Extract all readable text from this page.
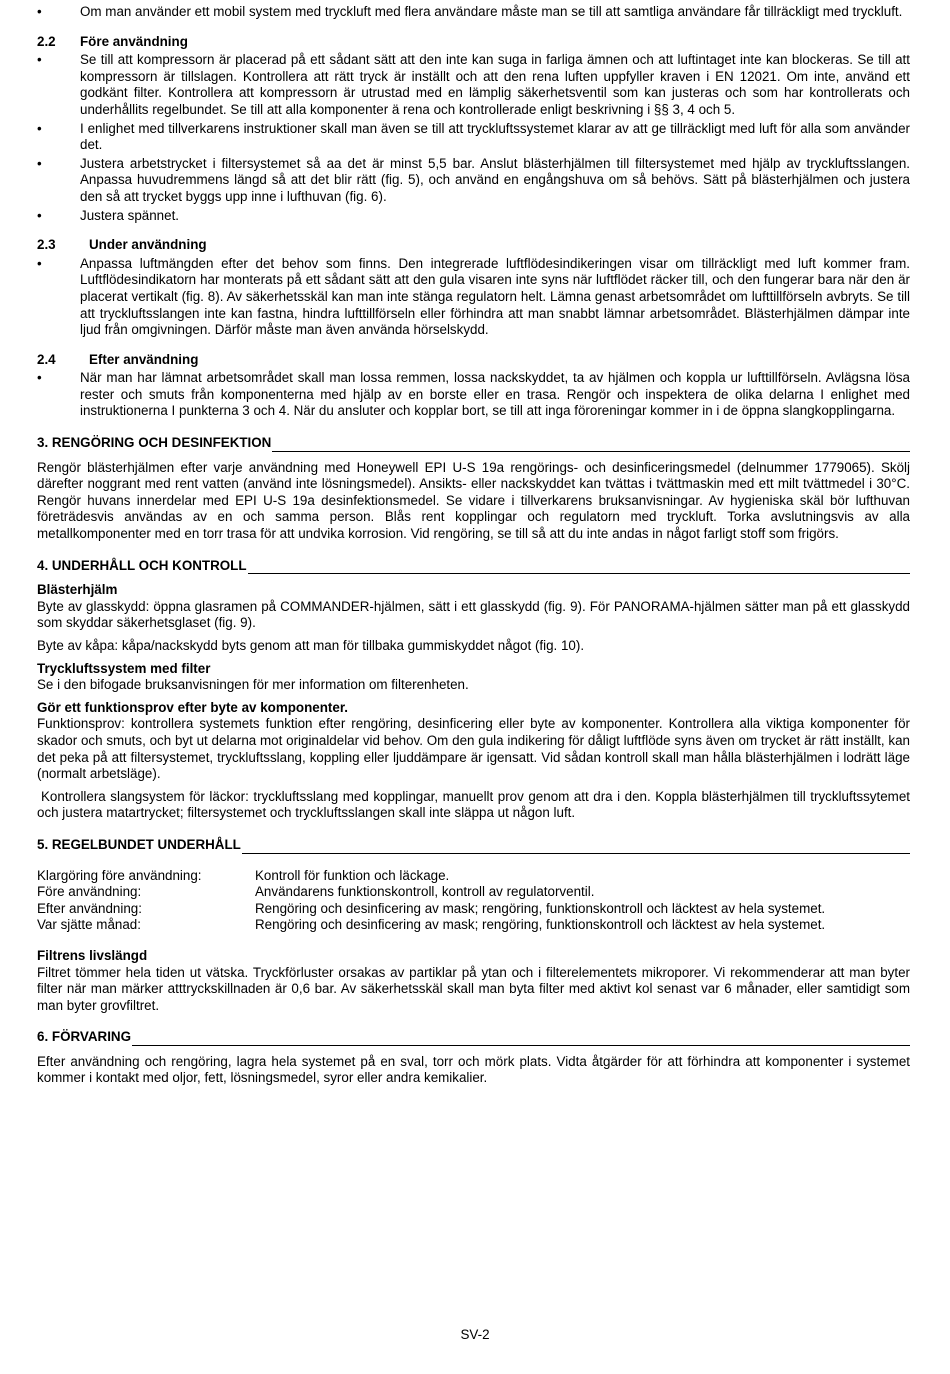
• Om man använder ett mobil system med tryckluft med flera användare måste man se till att samtliga användare får tillräckligt med tryckluft.
2.2	Före användning
• Se till att kompressorn är placerad på ett sådant sätt att den inte kan suga in farliga ämnen och att luftintaget inte kan blockeras. Se till att kompressorn är tillslagen. Kontrollera att rätt tryck är inställt och att den rena luften uppfyller kraven i EN 12021. Om inte, använd ett godkänt filter. Kontrollera att kompressorn är utrustad med en lämplig säkerhetsventil som kan justeras och som har kontrollerats och underhållits regelbundet. Se till att alla komponenter ä rena och kontrollerade enligt beskrivning i §§ 3, 4 och 5.
• I enlighet med tillverkarens instruktioner skall man även se till att tryckluftssystemet klarar av att ge tillräckligt med luft för alla som använder det.
• Justera arbetstrycket i filtersystemet så aa det är minst 5,5 bar. Anslut blästerhjälmen till filtersystemet med hjälp av tryckluftsslangen. Anpassa huvudremmens längd så att det blir rätt (fig. 5), och använd en engångshuva om så behövs. Sätt på blästerhjälmen och justera den så att trycket byggs upp inne i lufthuvan (fig. 6).
• Justera spännet.
2.3	Under användning
• Anpassa luftmängden efter det behov som finns. Den integrerade luftflödesindikeringen visar om tillräckligt med luft kommer fram. Luftflödesindikatorn har monterats på ett sådant sätt att den gula visaren inte syns när luftflödet räcker till, och den fungerar bara när den är placerat vertikalt (fig. 8). Av säkerhetsskäl kan man inte stänga regulatorn helt. Lämna genast arbetsområdet om lufttillförseln avbryts. Se till att tryckluftsslangen inte kan fastna, hindra lufttillförseln eller förhindra att man snabbt lämnar arbetsområdet. Blästerhjälmen dämpar inte ljud från omgivningen. Därför måste man även använda hörselskydd.
2.4	Efter användning
• När man har lämnat arbetsområdet skall man lossa remmen, lossa nackskyddet, ta av hjälmen och koppla ur lufttillförseln. Avlägsna lösa rester och smuts från komponenterna med hjälp av en borste eller en trasa. Rengör och inspektera de olika delarna I enlighet med instruktionerna I punkterna 3 och 4. När du ansluter och kopplar bort, se till att inga föroreningar kommer in i de öppna slangkopplingarna.
3. RENGÖRING OCH DESINFEKTION

Rengör blästerhjälmen efter varje användning med Honeywell EPI U-S 19a rengörings- och desinficeringsmedel (delnummer 1779065). Skölj därefter noggrant med rent vatten (använd inte lösningsmedel). Ansikts- eller nackskyddet kan tvättas i tvättmaskin med ett milt tvättmedel i 30°C. Rengör huvans innerdelar med EPI U-S 19a desinfektionsmedel. Se vidare i tillverkarens bruksanvisningar. Av hygieniska skäl bör lufthuvan företrädesvis användas av en och samma person. Blås rent kopplingar och regulatorn med tryckluft. Torka avslutningsvis av alla metallkomponenter med en torr trasa för att undvika korrosion. Vid rengöring, se till så att du inte andas in något farligt stoff som frigörs.

4. UNDERHÅLL OCH KONTROLL
Blästerhjälm

Byte av glasskydd: öppna glasramen på COMMANDER-hjälmen, sätt i ett glasskydd (fig. 9). För PANORAMA-hjälmen sätter man på ett glasskydd som skyddar säkerhetsglaset (fig. 9).

Byte av kåpa: kåpa/nackskydd byts genom att man för tillbaka gummiskyddet något (fig. 10).

Tryckluftssystem med filter

Se i den bifogade bruksanvisningen för mer information om filterenheten.

Gör ett funktionsprov efter byte av komponenter.

Funktionsprov: kontrollera systemets funktion efter rengöring, desinficering eller byte av komponenter. Kontrollera alla viktiga komponenter för skador och smuts, och byt ut delarna mot originaldelar vid behov. Om den gula indikering för dåligt luftflöde syns även om trycket är rätt inställt, kan det peka på att filtersystemet, tryckluftsslang, koppling eller ljuddämpare är igensatt. Vid sådan kontroll skall man hålla blästerhjälmen i lodrätt läge (normalt arbetsläge).

Kontrollera slangsystem för läckor: tryckluftsslang med kopplingar, manuellt prov genom att dra i den. Koppla blästerhjälmen till tryckluftssytemet och justera matartrycket; filtersystemet och tryckluftsslangen skall inte släppa ut någon luft.

5. REGELBUNDET UNDERHÅLL
Klargöring före användning:	Kontroll för funktion och läckage.
Före användning:	Användarens funktionskontroll, kontroll av regulatorventil.
Efter användning:	Rengöring och desinficering av mask; rengöring, funktionskontroll och läcktest av hela systemet.
Var sjätte månad:	Rengöring och desinficering av mask; rengöring, funktionskontroll och läcktest av hela systemet.
Filtrens livslängd

Filtret tömmer hela tiden ut vätska. Tryckförluster orsakas av partiklar på ytan och i filterelementets mikroporer. Vi rekommenderar att man byter filter när man märker atttryckskillnaden är 0,6 bar. Av säkerhetsskäl skall man byta filter med aktivt kol senast var 6 månader, eller samtidigt som man byter grovfiltret.

6. FÖRVARING

Efter användning och rengöring, lagra hela systemet på en sval, torr och mörk plats. Vidta åtgärder för att förhindra att komponenter i systemet kommer i kontakt med oljor, fett, lösningsmedel, syror eller andra kemikalier.

SV-2
